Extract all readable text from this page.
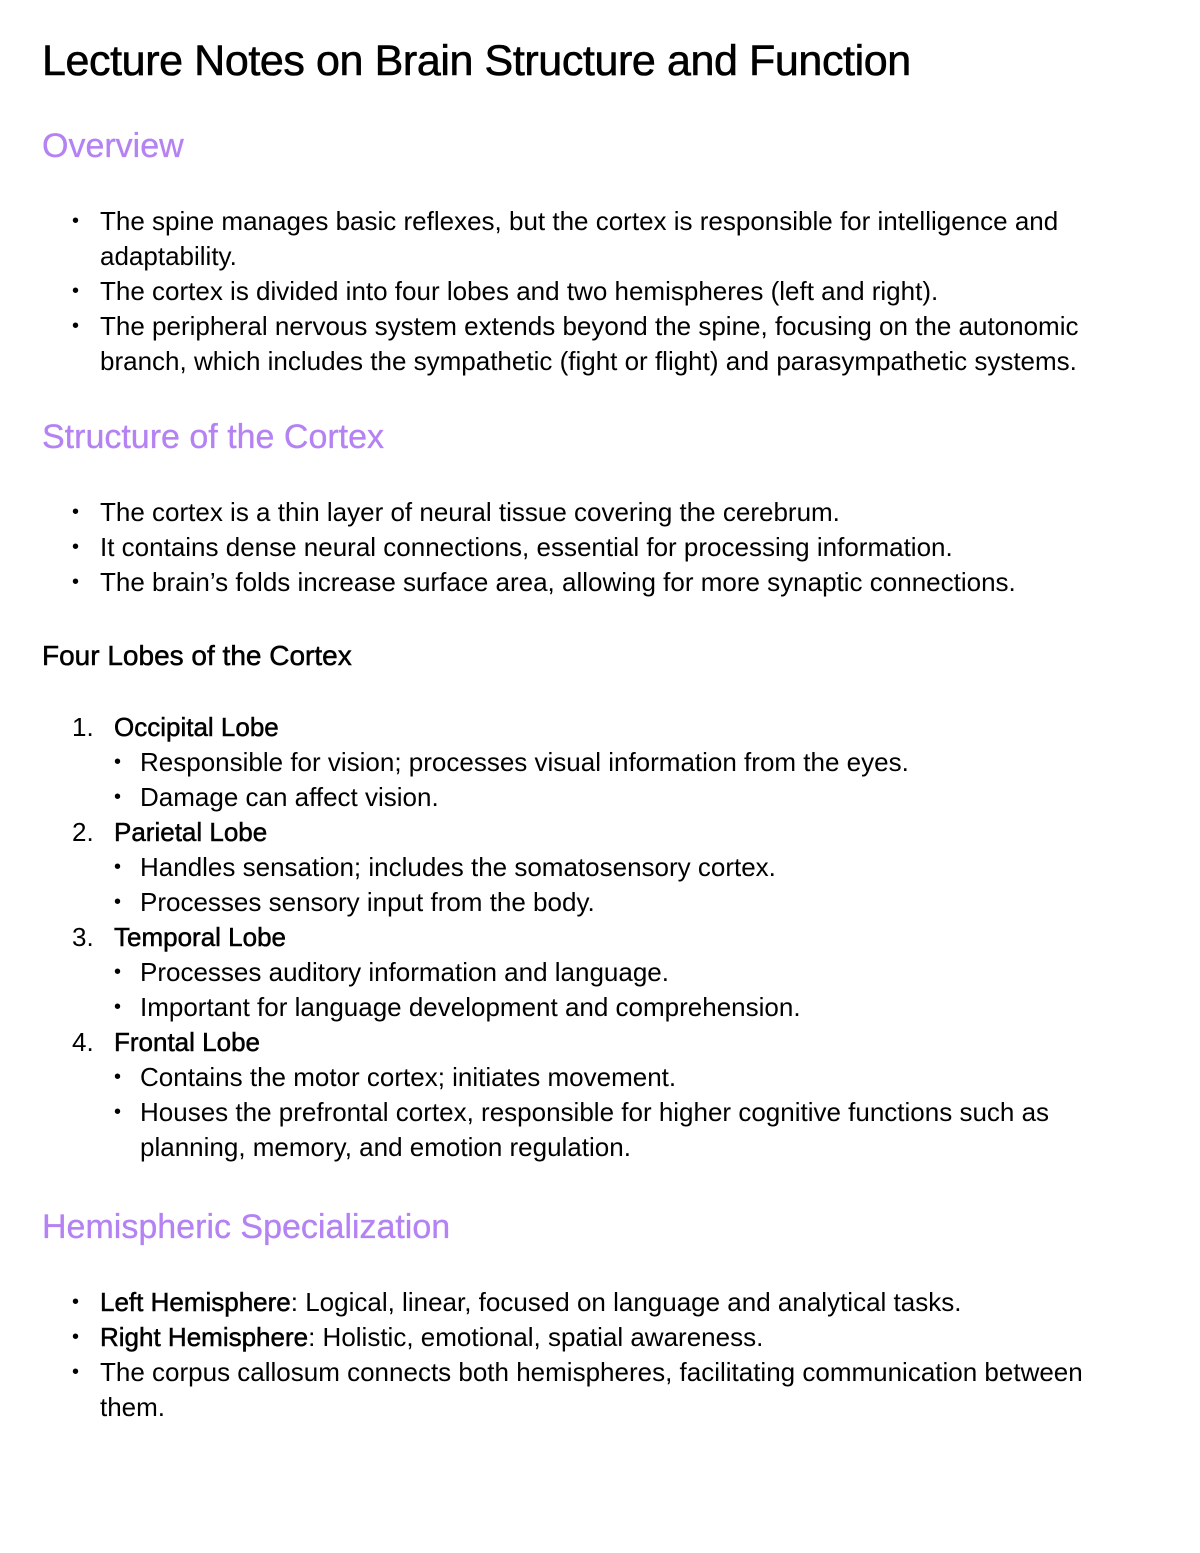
Lecture Notes on Brain Structure and Function
Overview
• The spine manages basic reflexes, but the cortex is responsible for intelligence and adaptability.
• The cortex is divided into four lobes and two hemispheres (left and right).
• The peripheral nervous system extends beyond the spine, focusing on the autonomic branch, which includes the sympathetic (fight or flight) and parasympathetic systems.
Structure of the Cortex
• The cortex is a thin layer of neural tissue covering the cerebrum.
• It contains dense neural connections, essential for processing information.
• The brain’s folds increase surface area, allowing for more synaptic connections.
Four Lobes of the Cortex
1. Occipital Lobe
• Responsible for vision; processes visual information from the eyes.
• Damage can affect vision.
2. Parietal Lobe
• Handles sensation; includes the somatosensory cortex.
• Processes sensory input from the body.
3. Temporal Lobe
• Processes auditory information and language.
• Important for language development and comprehension.
4. Frontal Lobe
• Contains the motor cortex; initiates movement.
• Houses the prefrontal cortex, responsible for higher cognitive functions such as planning, memory, and emotion regulation.
Hemispheric Specialization
• Left Hemisphere: Logical, linear, focused on language and analytical tasks.
• Right Hemisphere: Holistic, emotional, spatial awareness.
• The corpus callosum connects both hemispheres, facilitating communication between them.
